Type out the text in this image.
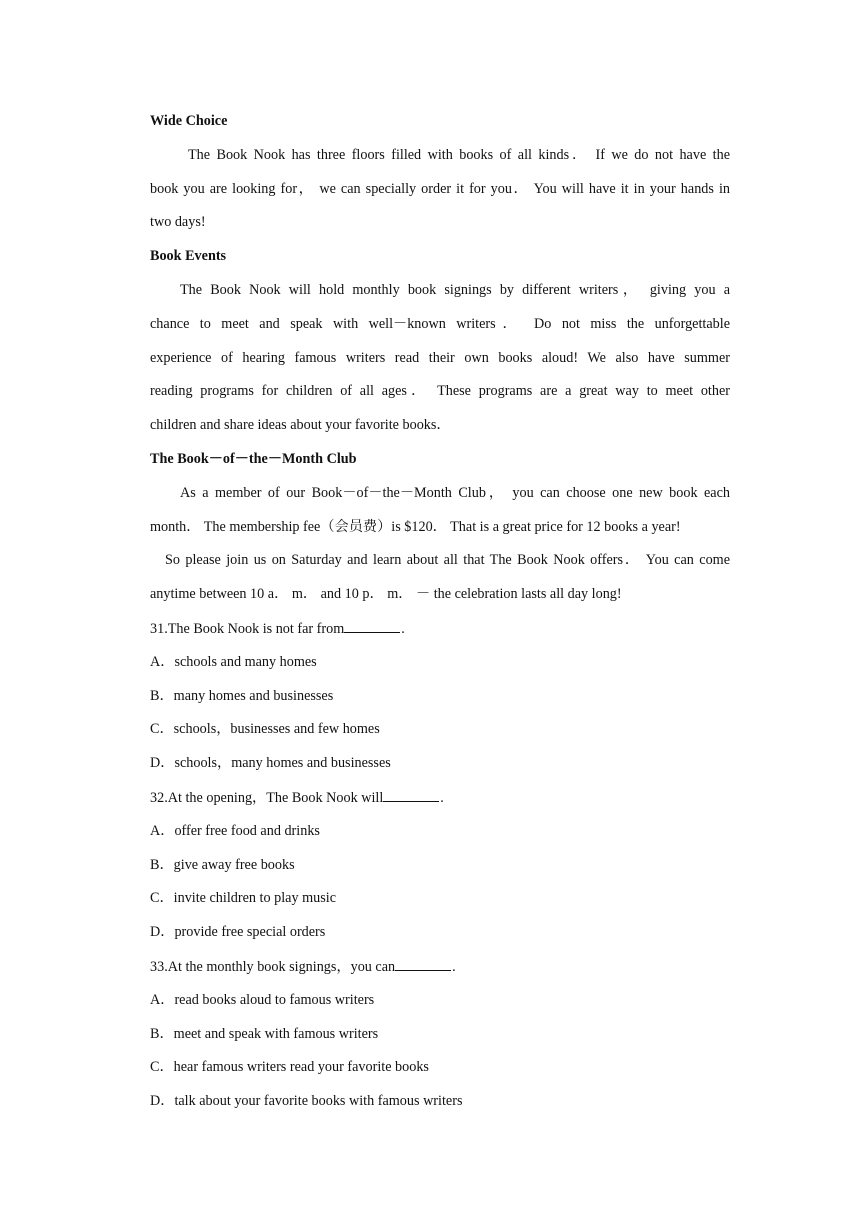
Wide Choice
The Book Nook has three floors filled with books of all kinds． If we do not have the
book you are looking for， we can specially order it for you． You will have it in your hands in
two days!
Book Events
The Book Nook will hold monthly book signings by different writers， giving you a
chance to meet and speak with well－known writers． Do not miss the unforgettable
experience of hearing famous writers read their own books aloud! We also have summer
reading programs for children of all ages． These programs are a great way to meet other
children and share ideas about your favorite books．
The Book－of－the－Month Club
As a member of our Book－of－the－Month Club， you can choose one new book each
month． The membership fee（会员费）is $120． That is a great price for 12 books a year!
So please join us on Saturday and learn about all that The Book Nook offers． You can come
anytime between 10 a． m． and 10 p． m． － the celebration lasts all day long!
31.The Book Nook is not far from	.
A．schools and many homes
B．many homes and businesses
C．schools，businesses and few homes
D．schools，many homes and businesses
32.At the opening，The Book Nook will	.
A．offer free food and drinks
B．give away free books
C．invite children to play music
D．provide free special orders
33.At the monthly book signings，you can	.
A．read books aloud to famous writers
B．meet and speak with famous writers
C．hear famous writers read your favorite books
D．talk about your favorite books with famous writers
